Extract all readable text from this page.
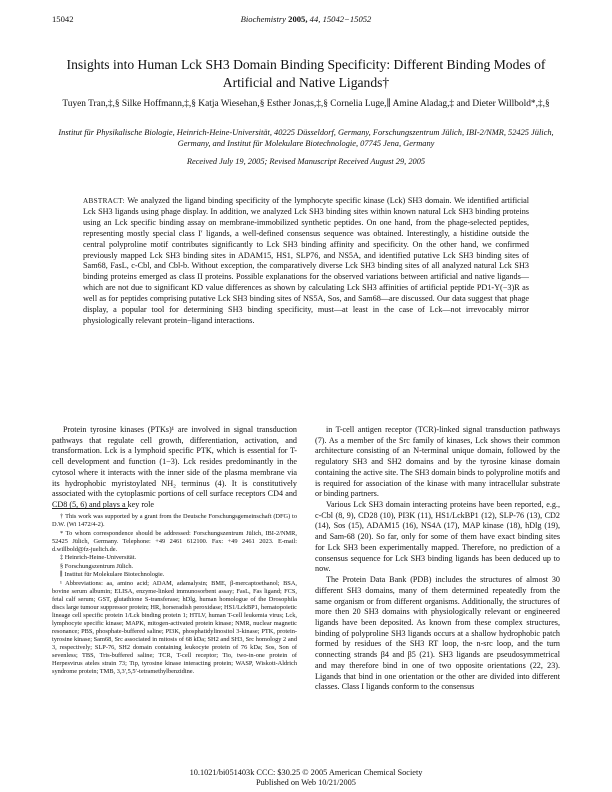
15042	Biochemistry 2005, 44, 15042−15052
Insights into Human Lck SH3 Domain Binding Specificity: Different Binding Modes of Artificial and Native Ligands†
Tuyen Tran,‡,§ Silke Hoffmann,‡,§ Katja Wiesehan,§ Esther Jonas,‡,§ Cornelia Luge,∥ Amine Aladag,‡ and Dieter Willbold*,‡,§
Institut für Physikalische Biologie, Heinrich-Heine-Universität, 40225 Düsseldorf, Germany, Forschungszentrum Jülich, IBI-2/NMR, 52425 Jülich, Germany, and Institut für Molekulare Biotechnologie, 07745 Jena, Germany
Received July 19, 2005; Revised Manuscript Received August 29, 2005
ABSTRACT: We analyzed the ligand binding specificity of the lymphocyte specific kinase (Lck) SH3 domain. We identified artificial Lck SH3 ligands using phage display. In addition, we analyzed Lck SH3 binding sites within known natural Lck SH3 binding proteins using an Lck specific binding assay on membrane-immobilized synthetic peptides. On one hand, from the phage-selected peptides, representing mostly special class I′ ligands, a well-defined consensus sequence was obtained. Interestingly, a histidine outside the central polyproline motif contributes significantly to Lck SH3 binding affinity and specificity. On the other hand, we confirmed previously mapped Lck SH3 binding sites in ADAM15, HS1, SLP76, and NS5A, and identified putative Lck SH3 binding sites of Sam68, FasL, c-Cbl, and Cbl-b. Without exception, the comparatively diverse Lck SH3 binding sites of all analyzed natural Lck SH3 binding proteins emerged as class II proteins. Possible explanations for the observed variations between artificial and native ligands—which are not due to significant KD value differences as shown by calculating Lck SH3 affinities of artificial peptide PD1-Y(−3)R as well as for peptides comprising putative Lck SH3 binding sites of NS5A, Sos, and Sam68—are discussed. Our data suggest that phage display, a popular tool for determining SH3 binding specificity, must—at least in the case of Lck—not irrevocably mirror physiologically relevant protein−ligand interactions.

Protein tyrosine kinases (PTKs)¹ are involved in signal transduction pathways that regulate cell growth, differentiation, activation, and transformation. Lck is a lymphoid specific PTK, which is essential for T-cell development and function (1−3). Lck resides predominantly in the cytosol where it interacts with the inner side of the plasma membrane via its hydrophobic myristoylated NH₂ terminus (4). It is constitutively associated with the cytoplasmic portions of cell surface receptors CD4 and CD8 (5, 6) and plays a key role

† This work was supported by a grant from the Deutsche Forschungsgemeinschaft (DFG) to D.W. (Wi 1472/4-2).

* To whom correspondence should be addressed: Forschungszentrum Jülich, IBI-2/NMR, 52425 Jülich, Germany. Telephone: +49 2461 612100. Fax: +49 2461 2023. E-mail: d.willbold@fz-juelich.de.

‡ Heinrich-Heine-Universität.

§ Forschungszentrum Jülich.

∥ Institut für Molekulare Biotechnologie.

¹ Abbreviations: aa, amino acid; ADAM, adamalysin; BME, β-mercaptoethanol; BSA, bovine serum albumin; ELISA, enzyme-linked immunosorbent assay; FasL, Fas ligand; FCS, fetal calf serum; GST, glutathione S-transferase; hDlg, human homologue of the Drosophila discs large tumour suppressor protein; HR, horseradish peroxidase; HS1/LckBP1, hematopoietic lineage cell specific protein 1/Lck binding protein 1; HTLV, human T-cell leukemia virus; Lck, lymphocyte specific kinase; MAPK, mitogen-activated protein kinase; NMR, nuclear magnetic resonance; PBS, phosphate-buffered saline; PI3K, phosphatidylinositol 3-kinase; PTK, protein-tyrosine kinase; Sam68, Src associated in mitosis of 68 kDa; SH2 and SH3, Src homology 2 and 3, respectively; SLP-76, SH2 domain containing leukocyte protein of 76 kDa; Sos, Son of sevenless; TBS, Tris-buffered saline; TCR, T-cell receptor; Tio, two-in-one protein of Herpesvirus ateles strain 73; Tip, tyrosine kinase interacting protein; WASP, Wiskott-Aldrich syndrome protein; TMB, 3,3′,5,5′-tetramethylbenzidine.

in T-cell antigen receptor (TCR)-linked signal transduction pathways (7). As a member of the Src family of kinases, Lck shows their common architecture consisting of an N-terminal unique domain, followed by the regulatory SH3 and SH2 domains and by the tyrosine kinase domain containing the active site. The SH3 domain binds to polyproline motifs and is required for association of the kinase with many intracellular substrate or binding partners.

Various Lck SH3 domain interacting proteins have been reported, e.g., c-Cbl (8, 9), CD28 (10), PI3K (11), HS1/LckBP1 (12), SLP-76 (13), CD2 (14), Sos (15), ADAM15 (16), NS4A (17), MAP kinase (18), hDlg (19), and Sam-68 (20). So far, only for some of them have exact binding sites for Lck SH3 been experimentally mapped. Therefore, no prediction of a consensus sequence for Lck SH3 binding ligands has been deduced up to now.

The Protein Data Bank (PDB) includes the structures of almost 30 different SH3 domains, many of them determined repeatedly from the same organism or from different organisms. Additionally, the structures of more then 20 SH3 domains with physiologically relevant or engineered ligands have been deposited. As known from these complex structures, binding of polyproline SH3 ligands occurs at a shallow hydrophobic patch formed by residues of the SH3 RT loop, the n-src loop, and the turn connecting strands β4 and β5 (21). SH3 ligands are pseudosymmetrical and may therefore bind in one of two opposite orientations (22, 23). Ligands that bind in one orientation or the other are divided into different classes. Class I ligands conform to the consensus

10.1021/bi051403k CCC: $30.25 © 2005 American Chemical Society
Published on Web 10/21/2005
